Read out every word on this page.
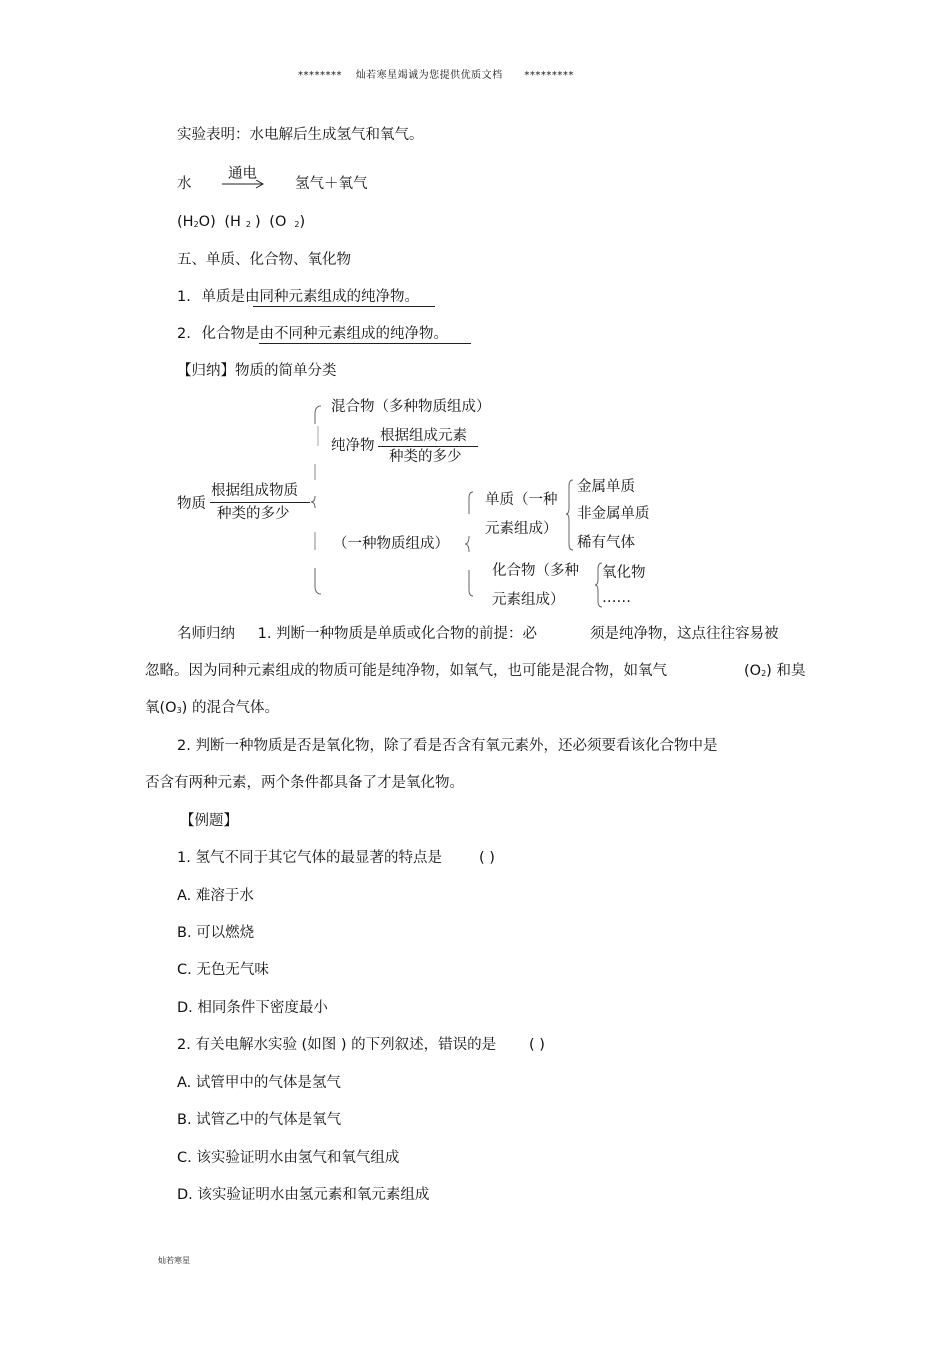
******** 灿若寒星竭诚为您提供优质文档 *********
实验表明：水电解后生成氢气和氧气。
水
通电
氢气＋氧气
(H2O) (H 2 ) (O 2)
五、单质、化合物、氧化物
1. 单质是由同种元素组成的纯净物。
2. 化合物是由不同种元素组成的纯净物。
【归纳】物质的简单分类
物质
根据组成物质
种类的多少
混合物（多种物质组成）
纯净物
根据组成元素
种类的多少
（一种物质组成）
单质（一种
元素组成）
金属单质
非金属单质
稀有气体
化合物（多种
元素组成）
氧化物
……
名师归纳 1. 判断一种物质是单质或化合物的前提：必	须是纯净物，这点往往容易被
忽略。因为同种元素组成的物质可能是纯净物，如氧气，也可能是混合物，如氧气	(O2) 和臭
氧(O3) 的混合气体。
2. 判断一种物质是否是氧化物，除了看是否含有氧元素外，还必须要看该化合物中是
否含有两种元素，两个条件都具备了才是氧化物。
【例题】
1. 氢气不同于其它气体的最显著的特点是	( )
A. 难溶于水
B. 可以燃烧
C. 无色无气味
D. 相同条件下密度最小
2. 有关电解水实验 (如图 ) 的下列叙述，错误的是 ( )
A. 试管甲中的气体是氢气
B. 试管乙中的气体是氧气
C. 该实验证明水由氢气和氧气组成
D. 该实验证明水由氢元素和氧元素组成
灿若寒星
